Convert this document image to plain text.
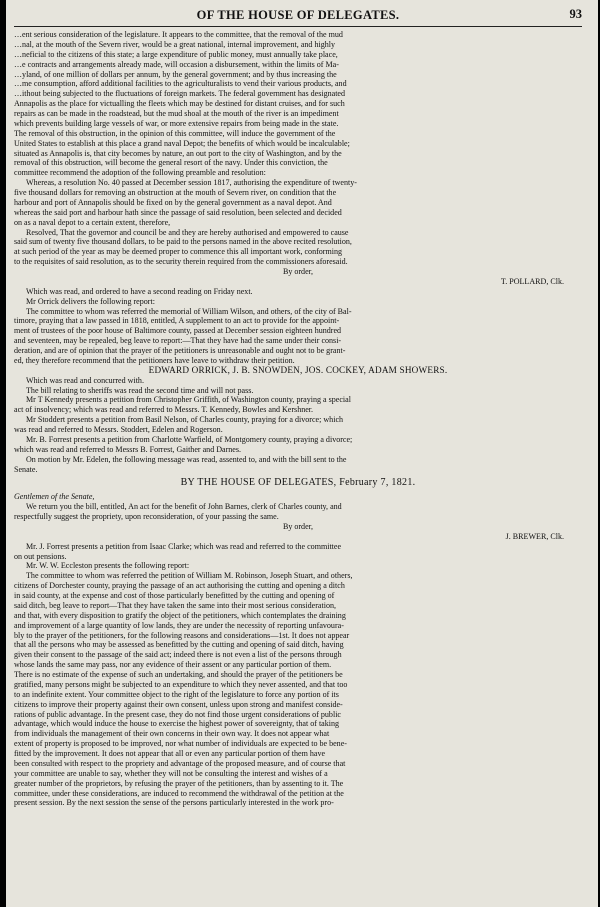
OF THE HOUSE OF DELEGATES.	93
…ent serious consideration of the legislature. It appears to the committee, that the removal of the mud
…nal, at the mouth of the Severn river, would be a great national, internal improvement, and highly
…neficial to the citizens of this state; a large expenditure of public money, must annually take place,
…e contracts and arrangements already made, will occasion a disbursement, within the limits of Ma-
…yland, of one million of dollars per annum, by the general government; and by thus increasing the
…me consumption, afford additional facilities to the agriculturalists to vend their various products, and
…ithout being subjected to the fluctuations of foreign markets. The federal government has designated
Annapolis as the place for victualling the fleets which may be destined for distant cruises, and for such
repairs as can be made in the roadstead, but the mud shoal at the mouth of the river is an impediment
which prevents building large vessels of war, or more extensive repairs from being made in the state.
The removal of this obstruction, in the opinion of this committee, will induce the government of the
United States to establish at this place a grand naval Depot; the benefits of which would be incalculable;
situated as Annapolis is, that city becomes by nature, an out port to the city of Washington, and by the
removal of this obstruction, will become the general resort of the navy. Under this conviction, the
committee recommend the adoption of the following preamble and resolution:
Whereas, a resolution No. 40 passed at December session 1817, authorising the expenditure of twenty-
five thousand dollars for removing an obstruction at the mouth of Severn river, on condition that the
harbour and port of Annapolis should be fixed on by the general government as a naval depot. And
whereas the said port and harbour hath since the passage of said resolution, been selected and decided
on as a naval depot to a certain extent, therefore,
Resolved, That the governor and council be and they are hereby authorised and empowered to cause
said sum of twenty five thousand dollars, to be paid to the persons named in the above recited resolution,
at such period of the year as may be deemed proper to commence this all important work, conforming
to the requisites of said resolution, as to the security therein required from the commissioners aforesaid.
By order,
T. POLLARD, Clk.
Which was read, and ordered to have a second reading on Friday next.
Mr Orrick delivers the following report:
The committee to whom was referred the memorial of William Wilson, and others, of the city of Bal-
timore, praying that a law passed in 1818, entitled, A supplement to an act to provide for the appoint-
ment of trustees of the poor house of Baltimore county, passed at December session eighteen hundred
and seventeen, may be repealed, beg leave to report:—That they have had the same under their consi-
deration, and are of opinion that the prayer of the petitioners is unreasonable and ought not to be grant-
ed, they therefore recommend that the petitioners have leave to withdraw their petition.
EDWARD ORRICK, J. B. SNOWDEN, JOS. COCKEY, ADAM SHOWERS.
Which was read and concurred with.
The bill relating to sheriffs was read the second time and will not pass.
Mr T Kennedy presents a petition from Christopher Griffith, of Washington county, praying a special
act of insolvency; which was read and referred to Messrs. T. Kennedy, Bowles and Kershner.
Mr Stoddert presents a petition from Basil Nelson, of Charles county, praying for a divorce; which
was read and referred to Messrs. Stoddert, Edelen and Rogerson.
Mr. B. Forrest presents a petition from Charlotte Warfield, of Montgomery county, praying a divorce;
which was read and referred to Messrs B. Forrest, Gaither and Darnes.
On motion by Mr. Edelen, the following message was read, assented to, and with the bill sent to the
Senate.
BY THE HOUSE OF DELEGATES, February 7, 1821.
Gentlemen of the Senate,
We return you the bill, entitled, An act for the benefit of John Barnes, clerk of Charles county, and
respectfully suggest the propriety, upon reconsideration, of your passing the same.
By order,
J. BREWER, Clk.
Mr. J. Forrest presents a petition from Isaac Clarke; which was read and referred to the committee
on out pensions.
Mr. W. W. Eccleston presents the following report:
The committee to whom was referred the petition of William M. Robinson, Joseph Stuart, and others,
citizens of Dorchester county, praying the passage of an act authorising the cutting and opening a ditch
in said county, at the expense and cost of those particularly benefitted by the cutting and opening of
said ditch, beg leave to report—That they have taken the same into their most serious consideration,
and that, with every disposition to gratify the object of the petitioners, which contemplates the draining
and improvement of a large quantity of low lands, they are under the necessity of reporting unfavoura-
bly to the prayer of the petitioners, for the following reasons and considerations—1st. It does not appear
that all the persons who may be assessed as benefitted by the cutting and opening of said ditch, having
given their consent to the passage of the said act; indeed there is not even a list of the persons through
whose lands the same may pass, nor any evidence of their assent or any particular portion of them.
There is no estimate of the expense of such an undertaking, and should the prayer of the petitioners be
gratified, many persons might be subjected to an expenditure to which they never assented, and that too
to an indefinite extent. Your committee object to the right of the legislature to force any portion of its
citizens to improve their property against their own consent, unless upon strong and manifest conside-
rations of public advantage. In the present case, they do not find those urgent considerations of public
advantage, which would induce the house to exercise the highest power of sovereignty, that of taking
from individuals the management of their own concerns in their own way. It does not appear what
extent of property is proposed to be improved, nor what number of individuals are expected to be bene-
fitted by the improvement. It does not appear that all or even any particular portion of them have
been consulted with respect to the propriety and advantage of the proposed measure, and of course that
your committee are unable to say, whether they will not be consulting the interest and wishes of a
greater number of the proprietors, by refusing the prayer of the petitioners, than by assenting to it. The
committee, under these considerations, are induced to recommend the withdrawal of the petition at the
present session. By the next session the sense of the persons particularly interested in the work pro-
